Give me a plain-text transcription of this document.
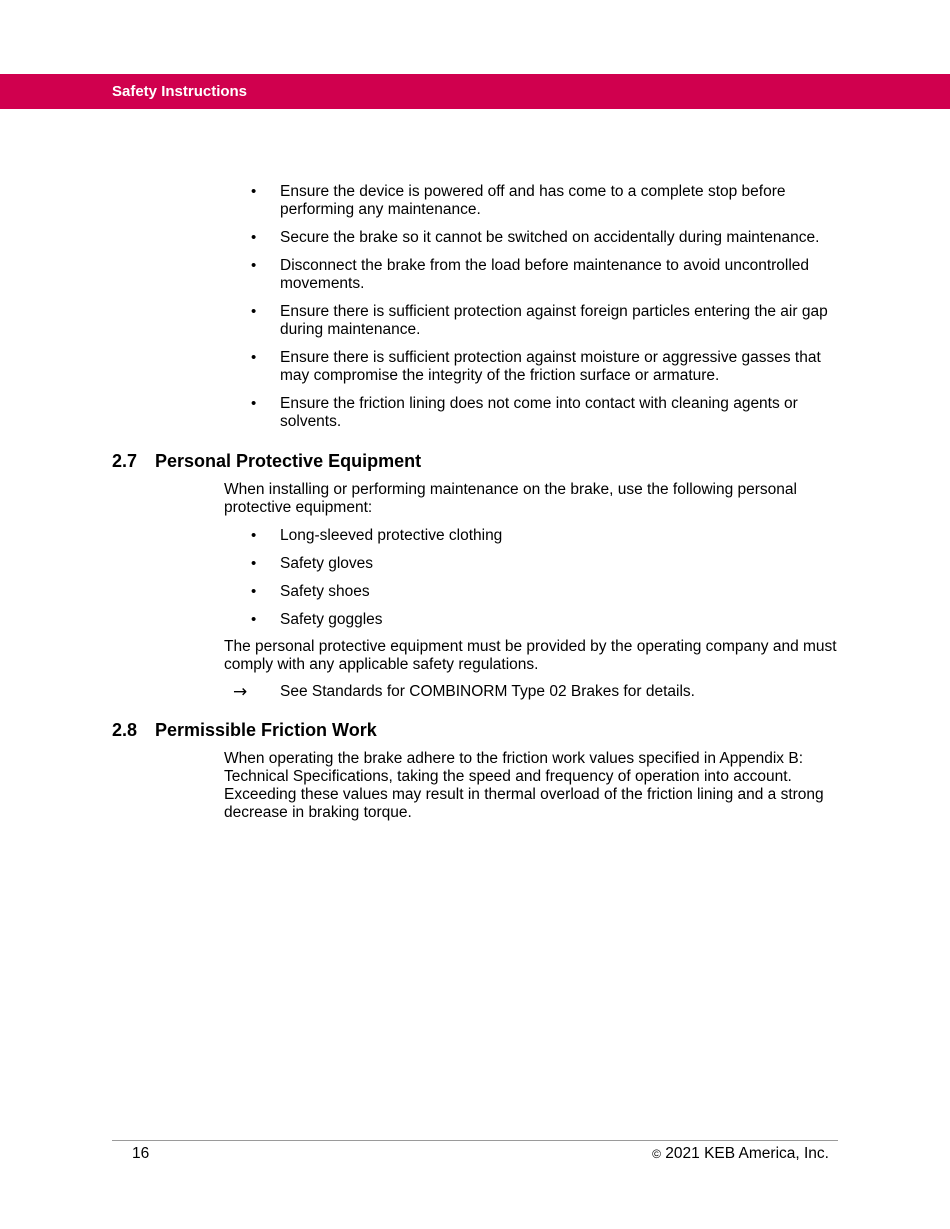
Safety Instructions
•	Ensure the device is powered off and has come to a complete stop before performing any maintenance.
•	Secure the brake so it cannot be switched on accidentally during maintenance.
•	Disconnect the brake from the load before maintenance to avoid uncontrolled movements.
•	Ensure there is sufficient protection against foreign particles entering the air gap during maintenance.
•	Ensure there is sufficient protection against moisture or aggressive gasses that may compromise the integrity of the friction surface or armature.
•	Ensure the friction lining does not come into contact with cleaning agents or solvents.
2.7 Personal Protective Equipment

When installing or performing maintenance on the brake, use the following personal protective equipment:

•	Long-sleeved protective clothing
•	Safety gloves
•	Safety shoes
•	Safety goggles

The personal protective equipment must be provided by the operating company and must comply with any applicable safety regulations.

→ See Standards for COMBINORM Type 02 Brakes for details.
2.8 Permissible Friction Work

When operating the brake adhere to the friction work values specified in Appendix B: Technical Specifications, taking the speed and frequency of operation into account. Exceeding these values may result in thermal overload of the friction lining and a strong decrease in braking torque.

16	© 2021 KEB America, Inc.
